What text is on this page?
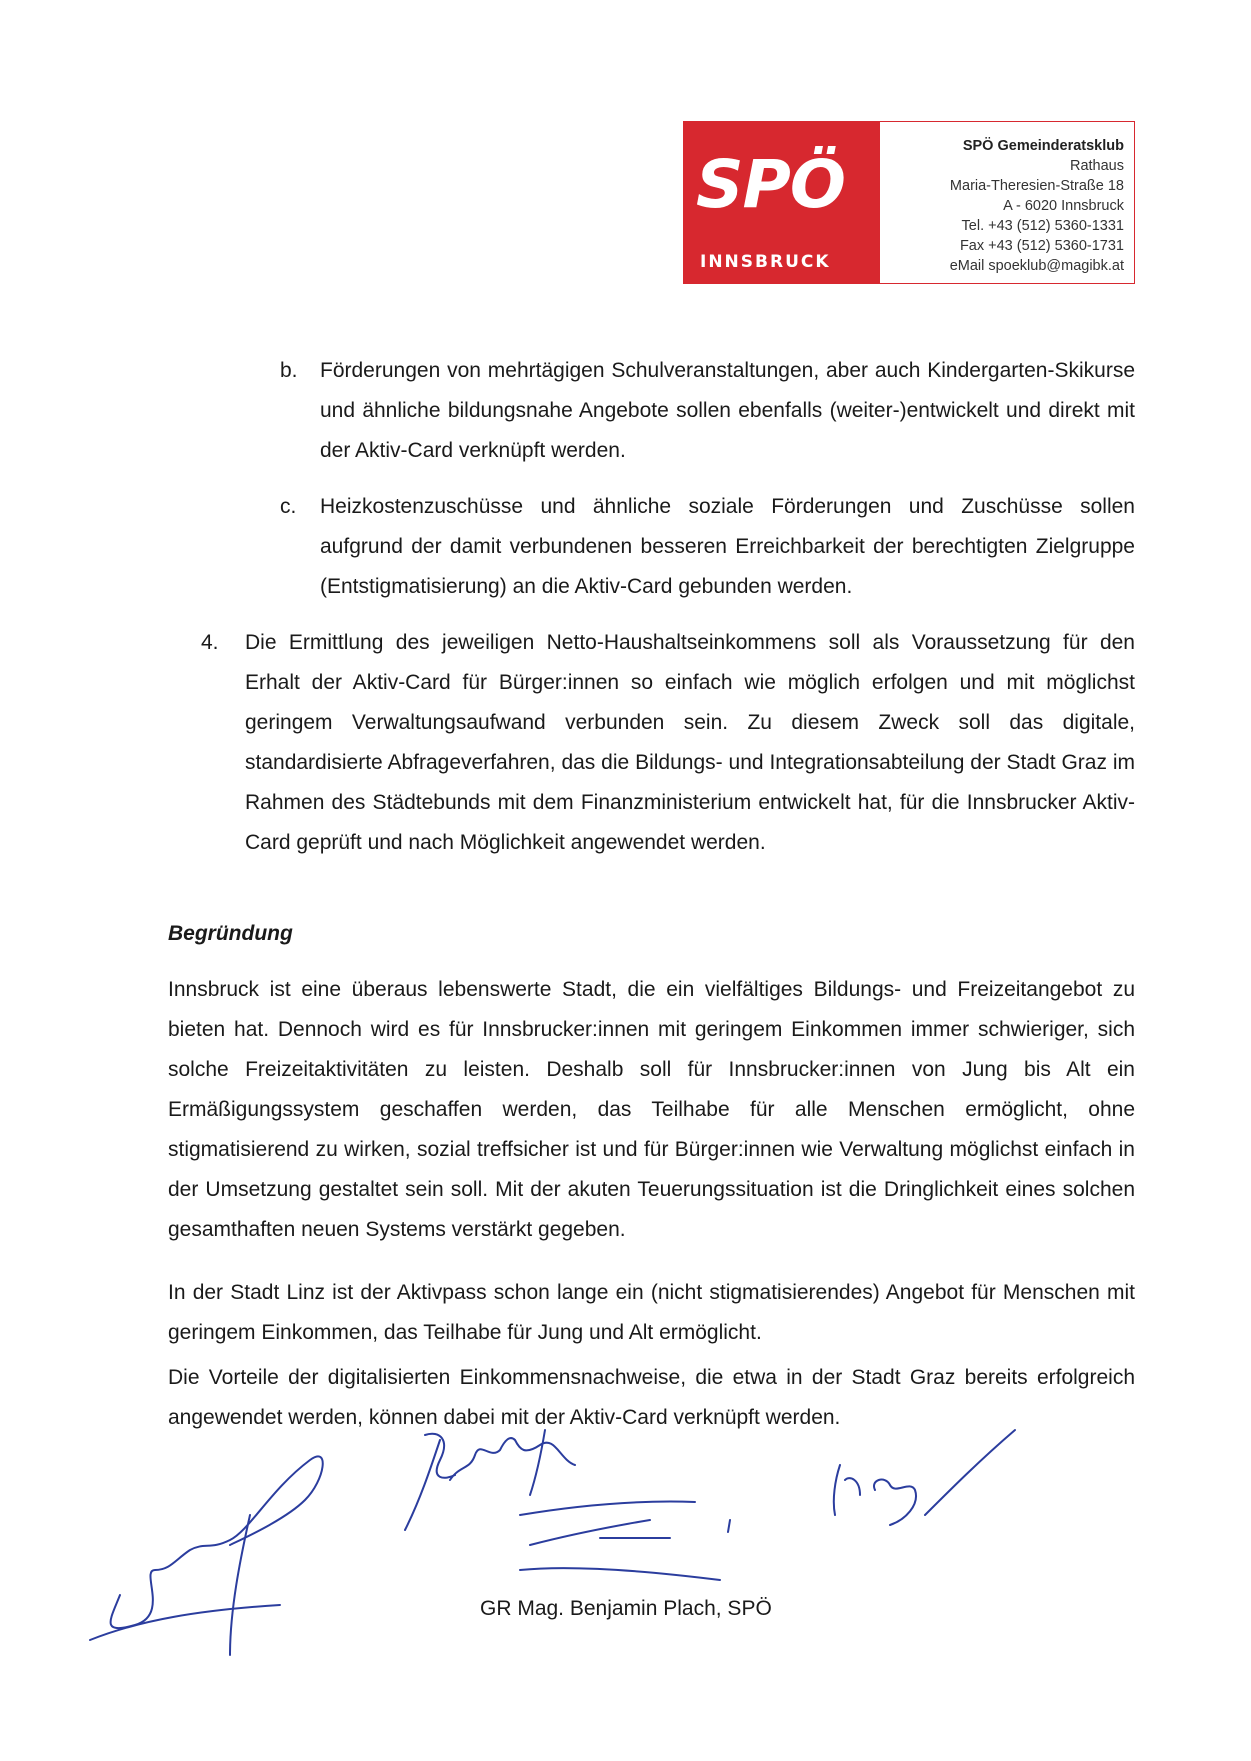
SPÖ
INNSBRUCK
SPÖ Gemeinderatsklub
Rathaus
Maria-Theresien-Straße 18
A - 6020 Innsbruck
Tel. +43 (512) 5360-1331
Fax +43 (512) 5360-1731
eMail spoeklub@magibk.at
b. Förderungen von mehrtägigen Schulveranstaltungen, aber auch Kindergarten-Skikurse und ähnliche bildungsnahe Angebote sollen ebenfalls (weiter-)entwickelt und direkt mit der Aktiv-Card verknüpft werden.
c. Heizkostenzuschüsse und ähnliche soziale Förderungen und Zuschüsse sollen aufgrund der damit verbundenen besseren Erreichbarkeit der berechtigten Zielgruppe (Entstigmatisierung) an die Aktiv-Card gebunden werden.
4. Die Ermittlung des jeweiligen Netto-Haushaltseinkommens soll als Voraussetzung für den Erhalt der Aktiv-Card für Bürger:innen so einfach wie möglich erfolgen und mit möglichst geringem Verwaltungsaufwand verbunden sein. Zu diesem Zweck soll das digitale, standardisierte Abfrageverfahren, das die Bildungs- und Integrationsabteilung der Stadt Graz im Rahmen des Städtebunds mit dem Finanzministerium entwickelt hat, für die Innsbrucker Aktiv-Card geprüft und nach Möglichkeit angewendet werden.
Begründung

Innsbruck ist eine überaus lebenswerte Stadt, die ein vielfältiges Bildungs- und Freizeitangebot zu bieten hat. Dennoch wird es für Innsbrucker:innen mit geringem Einkommen immer schwieriger, sich solche Freizeitaktivitäten zu leisten. Deshalb soll für Innsbrucker:innen von Jung bis Alt ein Ermäßigungssystem geschaffen werden, das Teilhabe für alle Menschen ermöglicht, ohne stigmatisierend zu wirken, sozial treffsicher ist und für Bürger:innen wie Verwaltung möglichst einfach in der Umsetzung gestaltet sein soll. Mit der akuten Teuerungssituation ist die Dringlichkeit eines solchen gesamthaften neuen Systems verstärkt gegeben.

In der Stadt Linz ist der Aktivpass schon lange ein (nicht stigmatisierendes) Angebot für Menschen mit geringem Einkommen, das Teilhabe für Jung und Alt ermöglicht.

Die Vorteile der digitalisierten Einkommensnachweise, die etwa in der Stadt Graz bereits erfolgreich angewendet werden, können dabei mit der Aktiv-Card verknüpft werden.

GR Mag. Benjamin Plach, SPÖ
